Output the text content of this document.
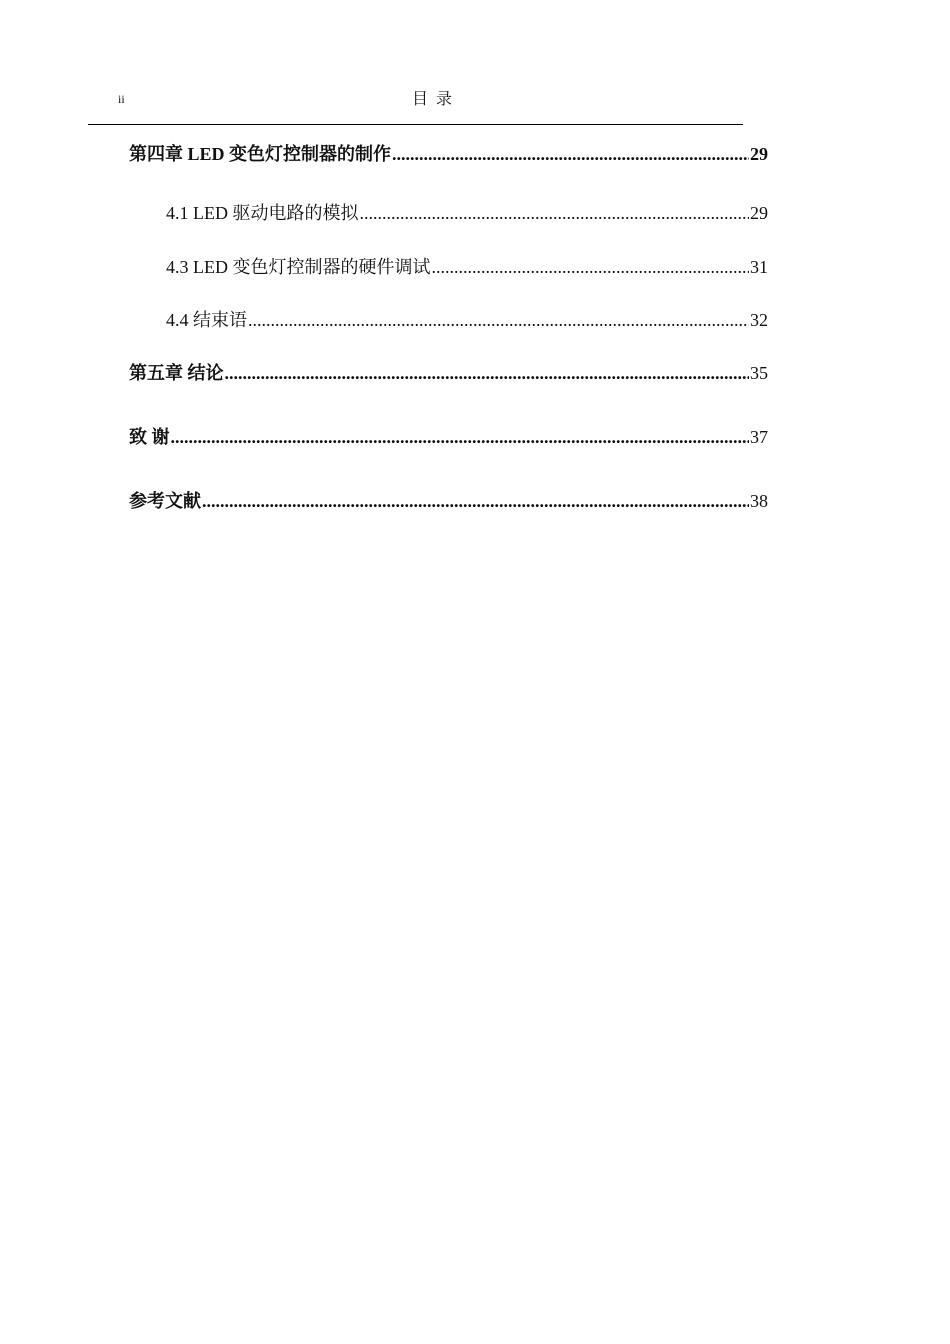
ii	目 录
第四章 LED 变色灯控制器的制作 .....	29
4.1 LED 驱动电路的模拟 .....	29
4.3 LED 变色灯控制器的硬件调试 .....	31
4.4 结束语 .....	32
第五章 结论 .....	35
致 谢 .....	37
参考文献 .....	38
